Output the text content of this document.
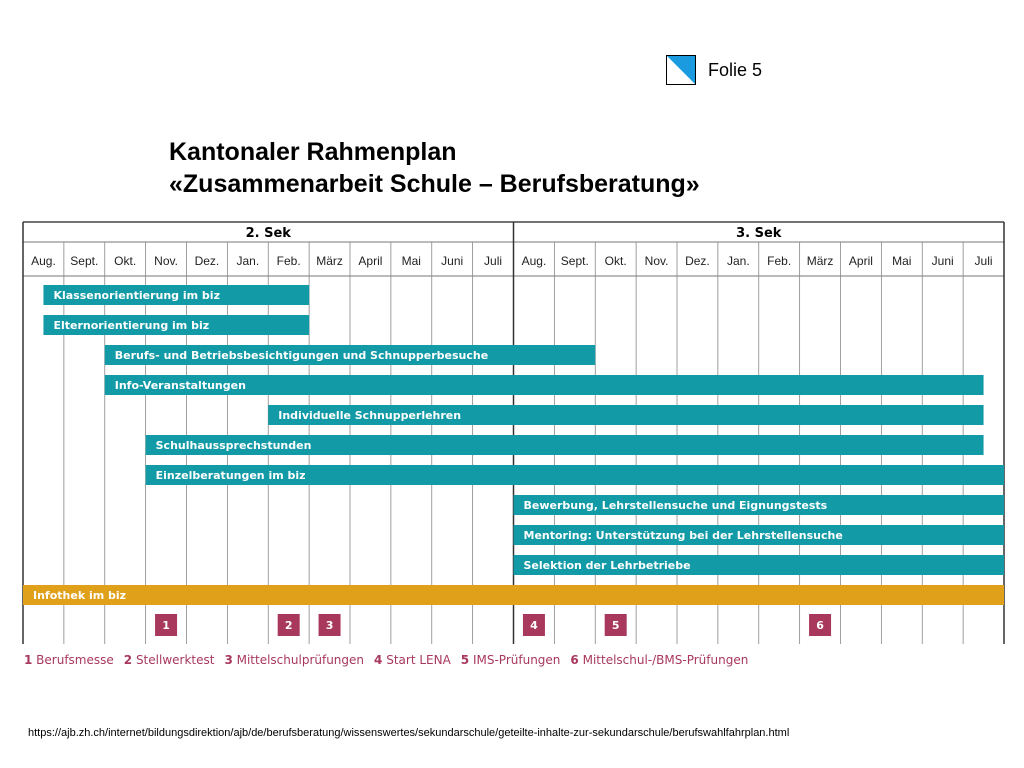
Folie 5
Kantonaler Rahmenplan
«Zusammenarbeit Schule – Berufsberatung»
2. Sek	3. Sek
Aug. Sept. Okt. Nov. Dez. Jan. Feb. März April Mai Juni Juli Aug. Sept. Okt. Nov. Dez. Jan. Feb. März April Mai Juni Juli
Klassenorientierung im biz
Elternorientierung im biz
Berufs- und Betriebsbesichtigungen und Schnupperbesuche
Info-Veranstaltungen
Individuelle Schnupperlehren
Schulhaussprechstunden
Einzelberatungen im biz
Bewerbung, Lehrstellensuche und Eignungstests
Mentoring: Unterstützung bei der Lehrstellensuche
Selektion der Lehrbetriebe
Infothek im biz
1	2	3	4	5	6
1 Berufsmesse 2 Stellwerktest 3 Mittelschulprüfungen 4 Start LENA 5 IMS-Prüfungen 6 Mittelschul-/BMS-Prüfungen
https://ajb.zh.ch/internet/bildungsdirektion/ajb/de/berufsberatung/wissenswertes/sekundarschule/geteilte-inhalte-zur-sekundarschule/berufswahlfahrplan.html
